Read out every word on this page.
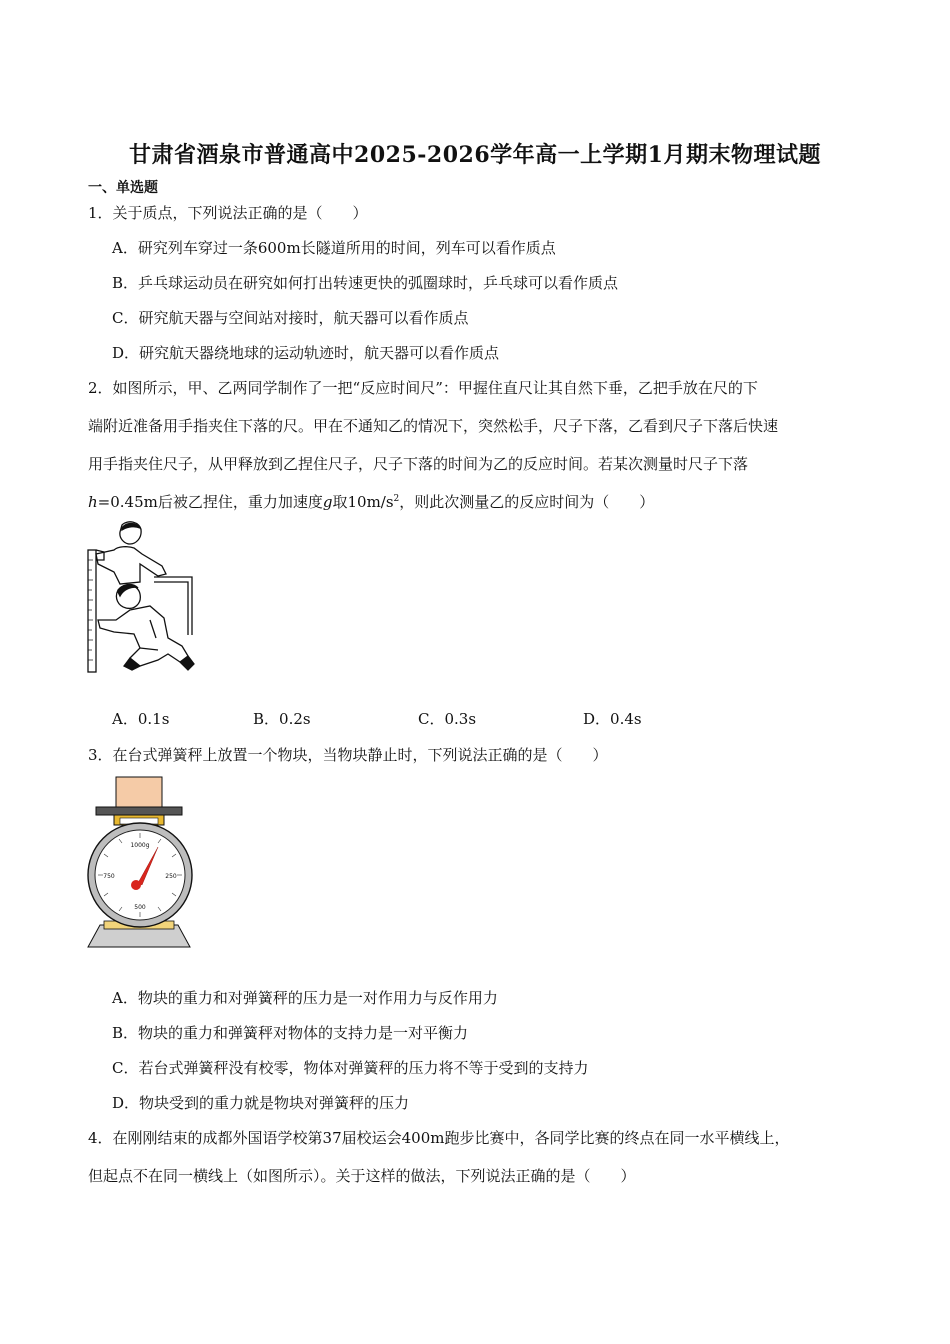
甘肃省酒泉市普通高中2025-2026学年高一上学期1月期末物理试题
一、单选题
1．关于质点，下列说法正确的是（　　）
A．研究列车穿过一条600m长隧道所用的时间，列车可以看作质点
B．乒乓球运动员在研究如何打出转速更快的弧圈球时，乒乓球可以看作质点
C．研究航天器与空间站对接时，航天器可以看作质点
D．研究航天器绕地球的运动轨迹时，航天器可以看作质点
2．如图所示，甲、乙两同学制作了一把“反应时间尺”：甲握住直尺让其自然下垂，乙把手放在尺的下
端附近准备用手指夹住下落的尺。甲在不通知乙的情况下，突然松手，尺子下落，乙看到尺子下落后快速
用手指夹住尺子，从甲释放到乙捏住尺子，尺子下落的时间为乙的反应时间。若某次测量时尺子下落
h=0.45m后被乙捏住，重力加速度g取$10m/s^2$，则此次测量乙的反应时间为（　　）
A．0.1s	B．0.2s	C．0.3s	D．0.4s
3．在台式弹簧秤上放置一个物块，当物块静止时，下列说法正确的是（　　）
1000g
750	250
500
A．物块的重力和对弹簧秤的压力是一对作用力与反作用力
B．物块的重力和弹簧秤对物体的支持力是一对平衡力
C．若台式弹簧秤没有校零，物体对弹簧秤的压力将不等于受到的支持力
D．物块受到的重力就是物块对弹簧秤的压力
4．在刚刚结束的成都外国语学校第37届校运会400m跑步比赛中，各同学比赛的终点在同一水平横线上，
但起点不在同一横线上（如图所示）。关于这样的做法，下列说法正确的是（　　）
